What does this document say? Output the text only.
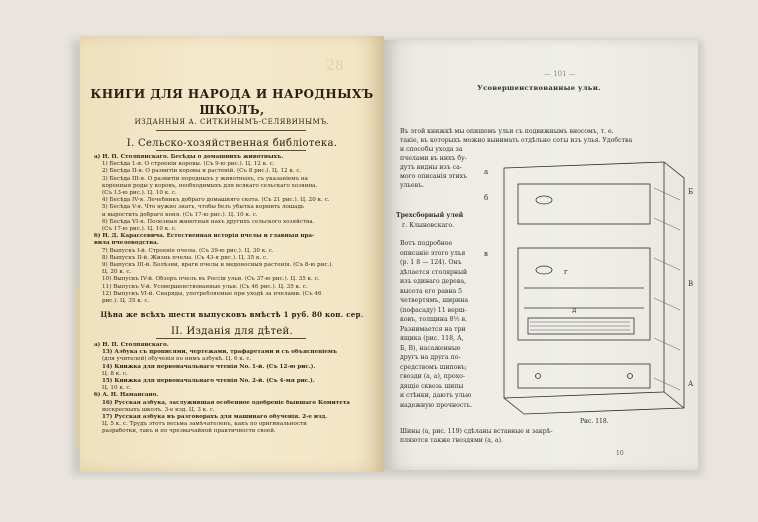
28
КНИГИ ДЛЯ НАРОДА И НАРОДНЫХЪ ШКОЛЪ,
ИЗДАННЫЯ А. СИТКИНЫМЪ-СЕЛЯВИНЫМЪ.
I. Сельско-хозяйственная библiотека.
а) Н. П. Столпянскаго. Бесѣды о домашнихъ животныхъ.
1) Бесѣда 1-я. О строенiи коровы. (Съ 9-ю рис.). Ц. 12 к. с.
2) Бесѣда II-я. О развитiи коровы и растенiй. (Съ 8 рис.). Ц. 12 к. с.
3) Бесѣда III-я. О развитiи породныхъ у животныхъ, съ указанiемъ на
коренныя роды у коровъ, необходимыхъ для всякаго сельскаго хозяина.
(Съ 13-ю рис.). Ц. 10 к. с.
4) Бесѣда IV-я. Лечебникъ добраго домашняго скота. (Съ 21 рис.). Ц. 20 к. с.
5) Бесѣда V-я. Что нужно знать, чтобы безъ убытка кормить лошадь
и выростить добраго коня. (Съ 17-ю рис.). Ц. 10 к. с.
6) Бесѣда VI-я. Полезныя животныя нахъ другихъ сельского хозяйства.
(Съ 17-ю рис.). Ц. 10 к. с.
б) Н. Д. Карассевича. Естественная исторiя пчелы и главныя пра-
вила пчеловодства.
7) Выпускъ I-й. Строенiе пчелы. (Съ 39-ю рис.). Ц. 30 к. с.
8) Выпускъ II-й. Жизнь пчелы. (Съ 43-я рис.). Ц. 35 к. с.
9) Выпускъ III-й. Болѣзни, враги пчелы и медоносныя растенiя. (Съ 8-ю рис.).
Ц. 20 к. с.
10) Выпускъ IV-й. Обзоръ пчелъ въ Россiи ульи. (Съ 37-ю рис.). Ц. 35 к. с.
11) Выпускъ V-й. Усовершенствованные ульи. (Съ 46 рис.). Ц. 35 к. с.
12) Выпускъ VI-й. Снаряды, употребляемые при уходѣ за пчелами. (Съ 46
рис.). Ц. 35 к. с.
Цѣна же всѣхъ шести выпусковъ вмѣстѣ 1 руб. 80 коп. сер.
II. Изданiя для дѣтей.
а) Н. П. Столпянскаго.
13) Азбука съ прописями, чертежами, трафаретами и съ объясненiемъ
(для учителей) обученiя по нимъ азбукѣ. Ц. 6 к. с.
14) Книжка для первоначальнаго чтенiя No. 1-й. (Съ 12-ю рис.).
Ц. 8 к. с.
15) Книжка для первоначальнаго чтенiя No. 2-й. (Съ 4-мя рис.).
Ц. 10 к. с.
б) А. Н. Намансано.
16) Русская азбука, заслужившая особенное одобренiе бывшаго Комитета
воскресныхъ школъ. 3-е изд. Ц. 3 к. с.
17) Русская азбука въ разговорахъ для машинаго обученiя. 2-е изд.
Ц. 5 к. с. Трудъ этотъ весьма замѣчателенъ, какъ по оригинальности
разработки, такъ и по чрезвычайной практичности своей.
— 101 —
Усовершенствованные ульи.
Въ этой книжкѣ мы опишемъ ульи съ подвижнымъ вносомъ, т. е.
такiе, въ которыхъ можно вынимать отдѣльно соты изъ улья. Удобства
и способы ухода за
пчелами въ нихъ бу-
дутъ видны изъ са-
мого описанiя этихъ
ульевъ.
Трехсборный улей
г. Клыновскаго.
Вотъ подробное
описанiе этого улья
(р. 1 8 — 124). Онъ
дѣлается столярный
изъ единаго дерева,
высота его равна 5
четвертямъ, ширина
(пофасаду) 11 верш-
ковъ, толщина 8½ в.
Разнимается на три
ящика (рис. 118, А,
Б, В), насаженные
другъ на друга по-
средствомъ шиповъ;
гвозди (а, а), прохо-
дящiе сквозь шипы
и стѣнки, даютъ улью
надежную прочность.
а
б
в
г
д
Б
В
А
Рис. 118.
Шины (а, рис. 119) сдѣланы вставные и закрѣ-
пляются также гвоздями (а, а).
10
